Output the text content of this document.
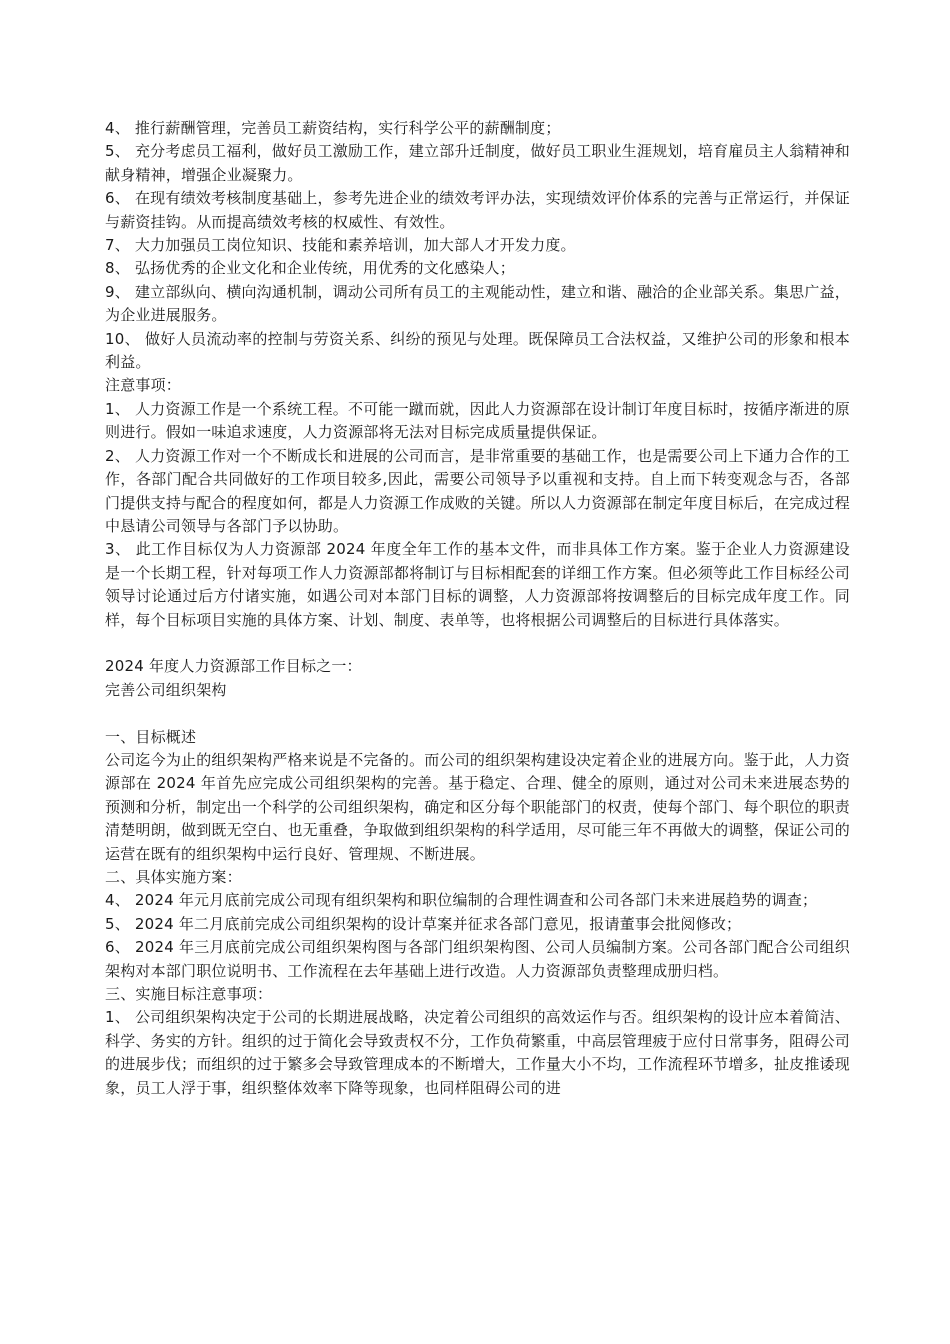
4、 推行薪酬管理，完善员工薪资结构，实行科学公平的薪酬制度；

5、 充分考虑员工福利，做好员工激励工作，建立部升迁制度，做好员工职业生涯规划，培育雇员主人翁精神和献身精神，增强企业凝聚力。

6、 在现有绩效考核制度基础上，参考先进企业的绩效考评办法，实现绩效评价体系的完善与正常运行，并保证与薪资挂钩。从而提高绩效考核的权威性、有效性。

7、 大力加强员工岗位知识、技能和素养培训，加大部人才开发力度。

8、 弘扬优秀的企业文化和企业传统，用优秀的文化感染人；

9、 建立部纵向、横向沟通机制，调动公司所有员工的主观能动性，建立和谐、融洽的企业部关系。集思广益，为企业进展服务。

10、 做好人员流动率的控制与劳资关系、纠纷的预见与处理。既保障员工合法权益，又维护公司的形象和根本利益。

注意事项：

1、 人力资源工作是一个系统工程。不可能一蹴而就，因此人力资源部在设计制订年度目标时，按循序渐进的原则进行。假如一味追求速度，人力资源部将无法对目标完成质量提供保证。

2、 人力资源工作对一个不断成长和进展的公司而言，是非常重要的基础工作，也是需要公司上下通力合作的工作，各部门配合共同做好的工作项目较多,因此，需要公司领导予以重视和支持。自上而下转变观念与否，各部门提供支持与配合的程度如何，都是人力资源工作成败的关键。所以人力资源部在制定年度目标后，在完成过程中恳请公司领导与各部门予以协助。

3、 此工作目标仅为人力资源部 2024 年度全年工作的基本文件，而非具体工作方案。鉴于企业人力资源建设是一个长期工程，针对每项工作人力资源部都将制订与目标相配套的详细工作方案。但必须等此工作目标经公司领导讨论通过后方付诸实施，如遇公司对本部门目标的调整，人力资源部将按调整后的目标完成年度工作。同样，每个目标项目实施的具体方案、计划、制度、表单等，也将根据公司调整后的目标进行具体落实。

2024 年度人力资源部工作目标之一：

完善公司组织架构

一、目标概述

公司迄今为止的组织架构严格来说是不完备的。而公司的组织架构建设决定着企业的进展方向。鉴于此，人力资源部在 2024 年首先应完成公司组织架构的完善。基于稳定、合理、健全的原则，通过对公司未来进展态势的预测和分析，制定出一个科学的公司组织架构，确定和区分每个职能部门的权责，使每个部门、每个职位的职责清楚明朗，做到既无空白、也无重叠，争取做到组织架构的科学适用，尽可能三年不再做大的调整，保证公司的运营在既有的组织架构中运行良好、管理规、不断进展。

二、具体实施方案：

4、 2024 年元月底前完成公司现有组织架构和职位编制的合理性调查和公司各部门未来进展趋势的调查；

5、 2024 年二月底前完成公司组织架构的设计草案并征求各部门意见，报请董事会批阅修改；

6、 2024 年三月底前完成公司组织架构图与各部门组织架构图、公司人员编制方案。公司各部门配合公司组织架构对本部门职位说明书、工作流程在去年基础上进行改造。人力资源部负责整理成册归档。

三、实施目标注意事项：

1、 公司组织架构决定于公司的长期进展战略，决定着公司组织的高效运作与否。组织架构的设计应本着简洁、科学、务实的方针。组织的过于简化会导致责权不分，工作负荷繁重，中高层管理疲于应付日常事务，阻碍公司的进展步伐；而组织的过于繁多会导致管理成本的不断增大，工作量大小不均，工作流程环节增多，扯皮推诿现象，员工人浮于事，组织整体效率下降等现象，也同样阻碍公司的进
